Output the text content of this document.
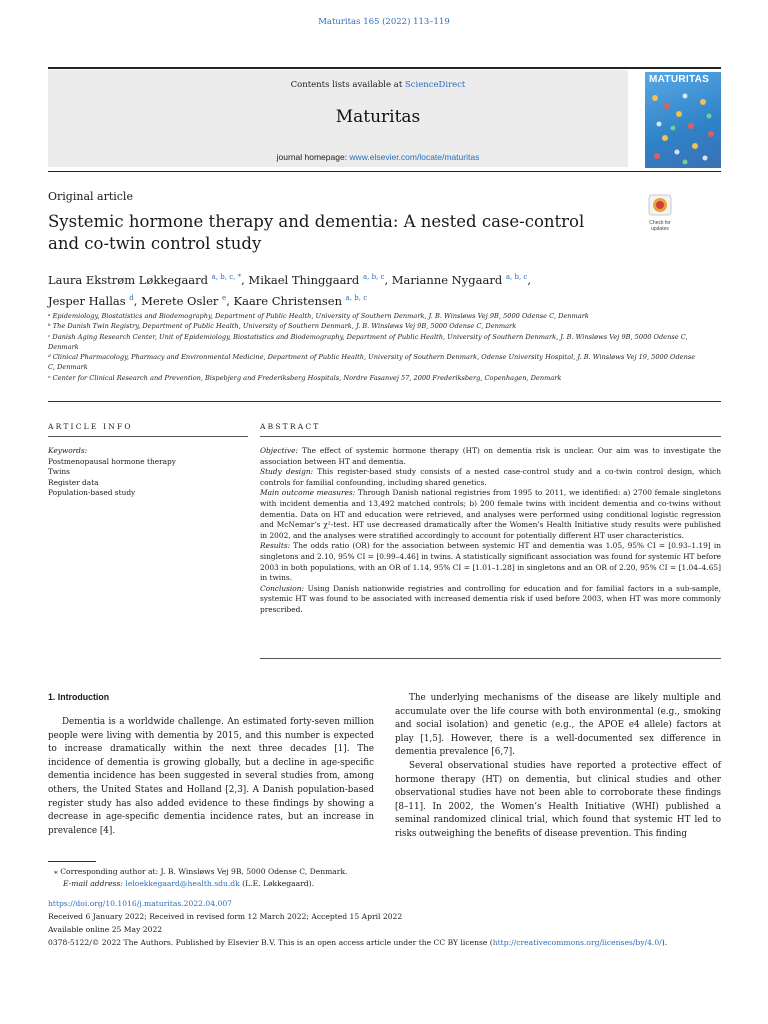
Maturitas 165 (2022) 113–119
Contents lists available at ScienceDirect
Maturitas
journal homepage: www.elsevier.com/locate/maturitas
MATURITAS
Original article
Systemic hormone therapy and dementia: A nested case-control and co-twin control study
Check for
updates
Laura Ekstrøm Løkkegaard $^{a, b, c, *}$, Mikael Thinggaard $^{a, b, c}$, Marianne Nygaard $^{a, b, c}$,
Jesper Hallas $^d$, Merete Osler $^e$, Kaare Christensen $^{a, b, c}$
ᵃ Epidemiology, Biostatistics and Biodemography, Department of Public Health, University of Southern Denmark, J. B. Winsløws Vej 9B, 5000 Odense C, Denmark
ᵇ The Danish Twin Registry, Department of Public Health, University of Southern Denmark, J. B. Winsløws Vej 9B, 5000 Odense C, Denmark
ᶜ Danish Aging Research Center, Unit of Epidemiology, Biostatistics and Biodemography, Department of Public Health, University of Southern Denmark, J. B. Winsløws Vej 9B, 5000 Odense C, Denmark
ᵈ Clinical Pharmacology, Pharmacy and Environmental Medicine, Department of Public Health, University of Southern Denmark, Odense University Hospital, J. B. Winsløws Vej 19, 5000 Odense C, Denmark
ᵉ Center for Clinical Research and Prevention, Bispebjerg and Frederiksberg Hospitals, Nordre Fasanvej 57, 2000 Frederiksberg, Copenhagen, Denmark
ARTICLE INFO
Keywords:
Postmenopausal hormone therapy
Twins
Register data
Population-based study
ABSTRACT

Objective: The effect of systemic hormone therapy (HT) on dementia risk is unclear. Our aim was to investigate the association between HT and dementia.

Study design: This register-based study consists of a nested case-control study and a co-twin control design, which controls for familial confounding, including shared genetics.

Main outcome measures: Through Danish national registries from 1995 to 2011, we identified: a) 2700 female singletons with incident dementia and 13,492 matched controls; b) 200 female twins with incident dementia and co-twins without dementia. Data on HT and education were retrieved, and analyses were performed using conditional logistic regression and McNemar’s χ²-test. HT use decreased dramatically after the Women’s Health Initiative study results were published in 2002, and the analyses were stratified accordingly to account for potentially different HT user characteristics.

Results: The odds ratio (OR) for the association between systemic HT and dementia was 1.05, 95% CI = [0.93–1.19] in singletons and 2.10, 95% CI = [0.99–4.46] in twins. A statistically significant association was found for systemic HT before 2003 in both populations, with an OR of 1.14, 95% CI = [1.01–1.28] in singletons and an OR of 2.20, 95% CI = [1.04–4.65] in twins.

Conclusion: Using Danish nationwide registries and controlling for education and for familial factors in a sub-sample, systemic HT was found to be associated with increased dementia risk if used before 2003, when HT was more commonly prescribed.

1. Introduction

Dementia is a worldwide challenge. An estimated forty-seven million people were living with dementia by 2015, and this number is expected to increase dramatically within the next three decades [1]. The incidence of dementia is growing globally, but a decline in age-specific dementia incidence has been suggested in several studies from, among others, the United States and Holland [2,3]. A Danish population-based register study has also added evidence to these findings by showing a decrease in age-specific dementia incidence rates, but an increase in prevalence [4].

The underlying mechanisms of the disease are likely multiple and accumulate over the life course with both environmental (e.g., smoking and social isolation) and genetic (e.g., the APOE e4 allele) factors at play [1,5]. However, there is a well-documented sex difference in dementia prevalence [6,7].

Several observational studies have reported a protective effect of hormone therapy (HT) on dementia, but clinical studies and other observational studies have not been able to corroborate these findings [8–11]. In 2002, the Women’s Health Initiative (WHI) published a seminal randomized clinical trial, which found that systemic HT led to risks outweighing the benefits of disease prevention. This finding

⁎ Corresponding author at: J. B. Winsløws Vej 9B, 5000 Odense C, Denmark.
E-mail address: leloekkegaard@health.sdu.dk (L.E. Løkkegaard).
https://doi.org/10.1016/j.maturitas.2022.04.007
Received 6 January 2022; Received in revised form 12 March 2022; Accepted 15 April 2022
Available online 25 May 2022
0378-5122/© 2022 The Authors. Published by Elsevier B.V. This is an open access article under the CC BY license (http://creativecommons.org/licenses/by/4.0/).
